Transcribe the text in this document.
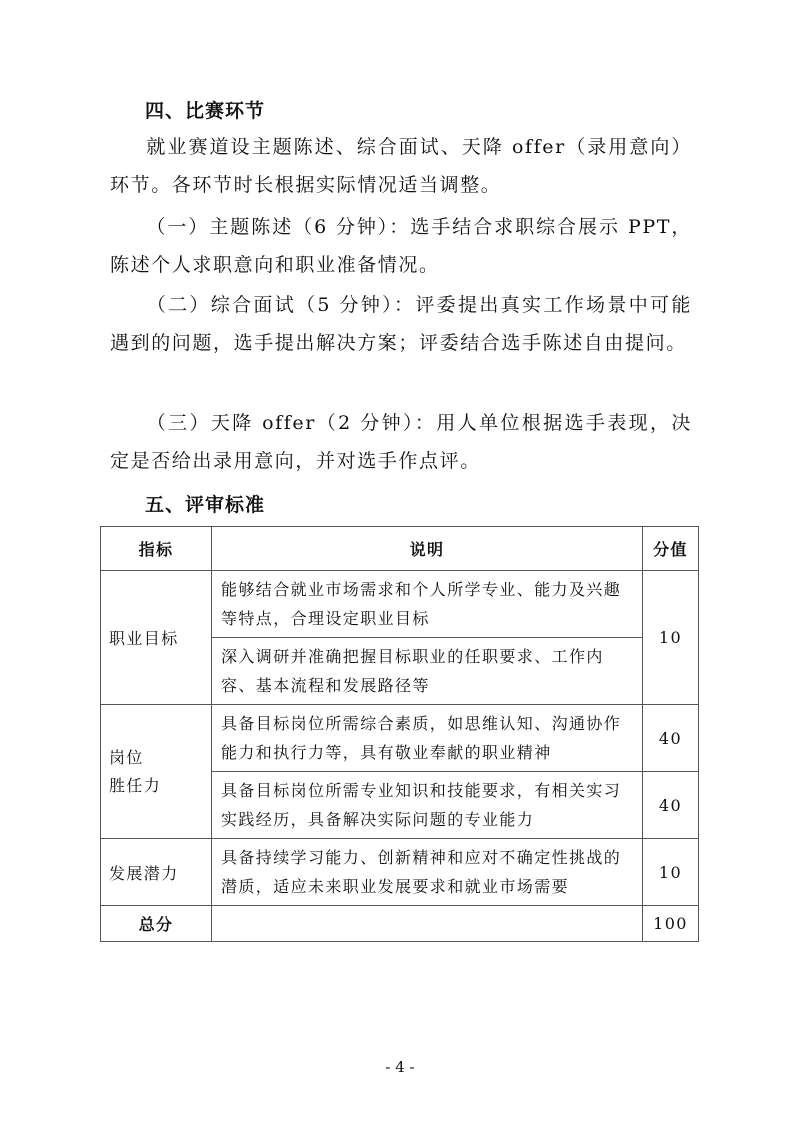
四、比赛环节
就业赛道设主题陈述、综合面试、天降 offer（录用意向）环节。各环节时长根据实际情况适当调整。
（一）主题陈述（6 分钟）：选手结合求职综合展示 PPT，陈述个人求职意向和职业准备情况。
（二）综合面试（5 分钟）：评委提出真实工作场景中可能遇到的问题，选手提出解决方案；评委结合选手陈述自由提问。
（三）天降 offer（2 分钟）：用人单位根据选手表现，决定是否给出录用意向，并对选手作点评。
五、评审标准
指标	说明	分值
职业目标	能够结合就业市场需求和个人所学专业、能力及兴趣等特点，合理设定职业目标	10
	深入调研并准确把握目标职业的任职要求、工作内容、基本流程和发展路径等	

岗位
胜任力	具备目标岗位所需综合素质，如思维认知、沟通协作能力和执行力等，具有敬业奉献的职业精神	40
	具备目标岗位所需专业知识和技能要求，有相关实习实践经历，具备解决实际问题的专业能力	40
发展潜力	具备持续学习能力、创新精神和应对不确定性挑战的潜质，适应未来职业发展要求和就业市场需要	10
总分		100
- 4 -
